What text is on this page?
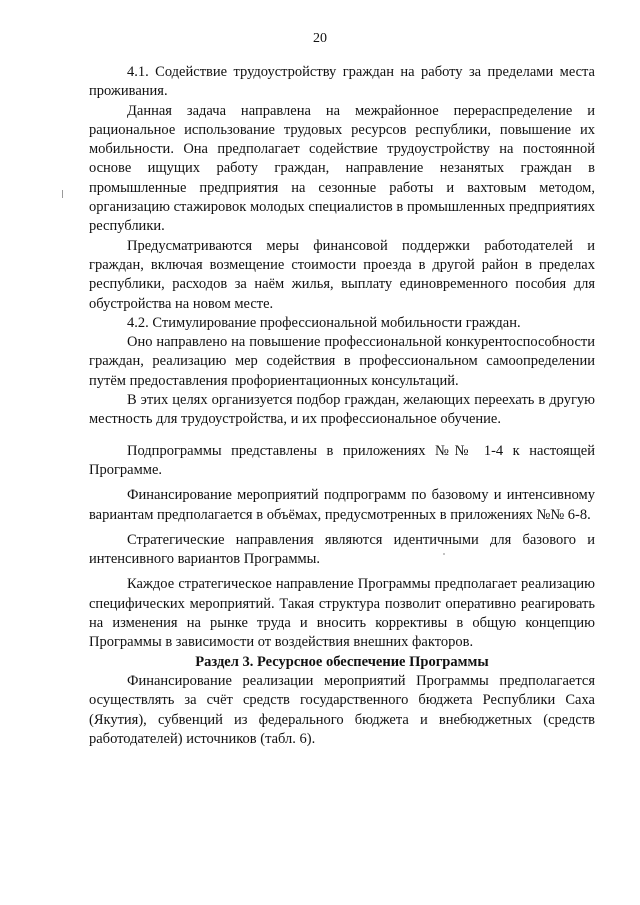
20

4.1. Содействие трудоустройству граждан на работу за пределами места проживания.

Данная задача направлена на межрайонное перераспределение и рациональное использование трудовых ресурсов республики, повышение их мобильности. Она предполагает содействие трудоустройству на постоянной основе ищущих работу граждан, направление незанятых граждан в промышленные предприятия на сезонные работы и вахтовым методом, организацию стажировок молодых специалистов в промышленных предприятиях республики.

Предусматриваются меры финансовой поддержки работодателей и граждан, включая возмещение стоимости проезда в другой район в пределах республики, расходов за наём жилья, выплату единовременного пособия для обустройства на новом месте.

4.2. Стимулирование профессиональной мобильности граждан.

Оно направлено на повышение профессиональной конкурентоспособности граждан, реализацию мер содействия в профессиональном самоопределении путём предоставления профориентационных консультаций.

В этих целях организуется подбор граждан, желающих переехать в другую местность для трудоустройства, и их профессиональное обучение.

Подпрограммы представлены в приложениях №№ 1-4 к настоящей Программе.

Финансирование мероприятий подпрограмм по базовому и интенсивному вариантам предполагается в объёмах, предусмотренных в приложениях №№ 6-8.

Стратегические направления являются идентичными для базового и интенсивного вариантов Программы.

Каждое стратегическое направление Программы предполагает реализацию специфических мероприятий. Такая структура позволит оперативно реагировать на изменения на рынке труда и вносить коррективы в общую концепцию Программы в зависимости от воздействия внешних факторов.

Раздел 3. Ресурсное обеспечение Программы

Финансирование реализации мероприятий Программы предполагается осуществлять за счёт средств государственного бюджета Республики Саха (Якутия), субвенций из федерального бюджета и внебюджетных (средств работодателей) источников (табл. 6).
